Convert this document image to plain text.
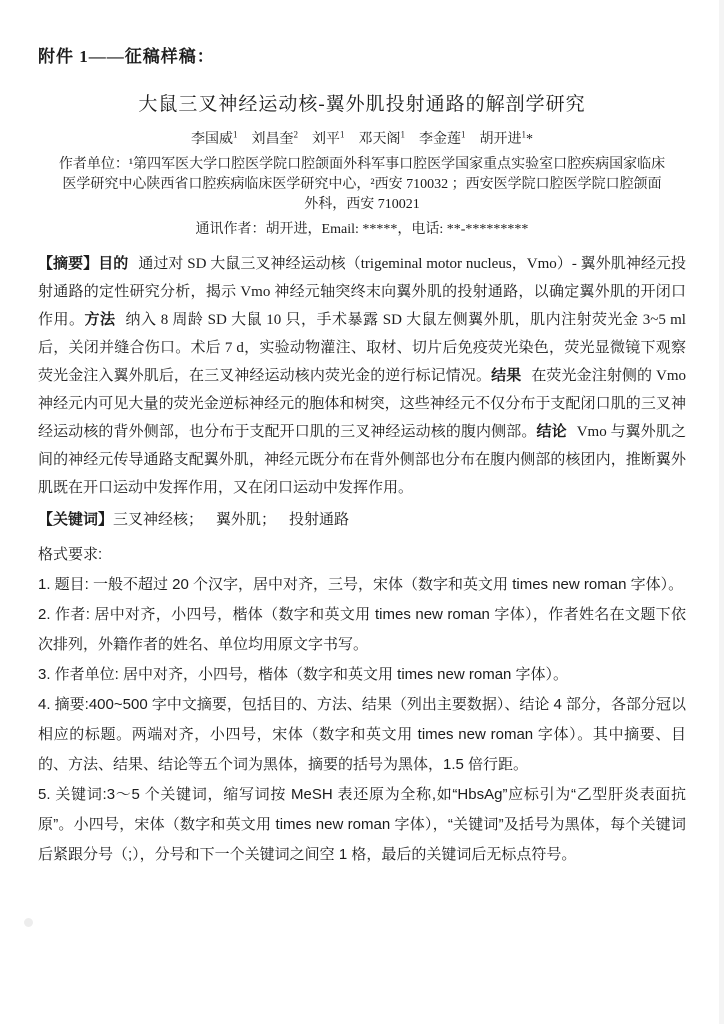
附件 1——征稿样稿：

大鼠三叉神经运动核-翼外肌投射通路的解剖学研究

李国威$^1$ 刘昌奎$^2$ 刘平$^1$ 邓天阁$^1$ 李金莲$^1$ 胡开进$^1$*

作者单位：¹第四军医大学口腔医学院口腔颌面外科军事口腔医学国家重点实验室口腔疾病国家临床

医学研究中心陕西省口腔疾病临床医学研究中心，²西安 710032 ；西安医学院口腔医学院口腔颌面

外科，西安 710021

通讯作者：胡开进，Email: *****，电话: **-*********

【摘要】目的 通过对 SD 大鼠三叉神经运动核（trigeminal motor nucleus，Vmo）- 翼外肌神经元投射通路的定性研究分析，揭示 Vmo 神经元轴突终末向翼外肌的投射通路，以确定翼外肌的开闭口作用。方法 纳入 8 周龄 SD 大鼠 10 只，手术暴露 SD 大鼠左侧翼外肌，肌内注射荧光金 3~5 ml 后，关闭并缝合伤口。术后 7 d，实验动物灌注、取材、切片后免疫荧光染色，荧光显微镜下观察荧光金注入翼外肌后，在三叉神经运动核内荧光金的逆行标记情况。结果 在荧光金注射侧的 Vmo 神经元内可见大量的荧光金逆标神经元的胞体和树突，这些神经元不仅分布于支配闭口肌的三叉神经运动核的背外侧部，也分布于支配开口肌的三叉神经运动核的腹内侧部。结论 Vmo 与翼外肌之间的神经元传导通路支配翼外肌，神经元既分布在背外侧部也分布在腹内侧部的核团内，推断翼外肌既在开口运动中发挥作用，又在闭口运动中发挥作用。

【关键词】三叉神经核； 翼外肌； 投射通路

格式要求:

1. 题目: 一般不超过 20 个汉字，居中对齐，三号，宋体（数字和英文用 times new roman 字体）。

2. 作者: 居中对齐，小四号，楷体（数字和英文用 times new roman 字体），作者姓名在文题下依次排列，外籍作者的姓名、单位均用原文字书写。

3. 作者单位: 居中对齐，小四号，楷体（数字和英文用 times new roman 字体）。

4. 摘要:400~500 字中文摘要，包括目的、方法、结果（列出主要数据）、结论 4 部分，各部分冠以相应的标题。两端对齐，小四号，宋体（数字和英文用 times new roman 字体）。其中摘要、目的、方法、结果、结论等五个词为黑体，摘要的括号为黑体，1.5 倍行距。

5. 关键词:3～5 个关键词，缩写词按 MeSH 表还原为全称,如“HbsAg”应标引为“乙型肝炎表面抗原”。小四号，宋体（数字和英文用 times new roman 字体），“关键词”及括号为黑体，每个关键词后紧跟分号（;），分号和下一个关键词之间空 1 格，最后的关键词后无标点符号。
